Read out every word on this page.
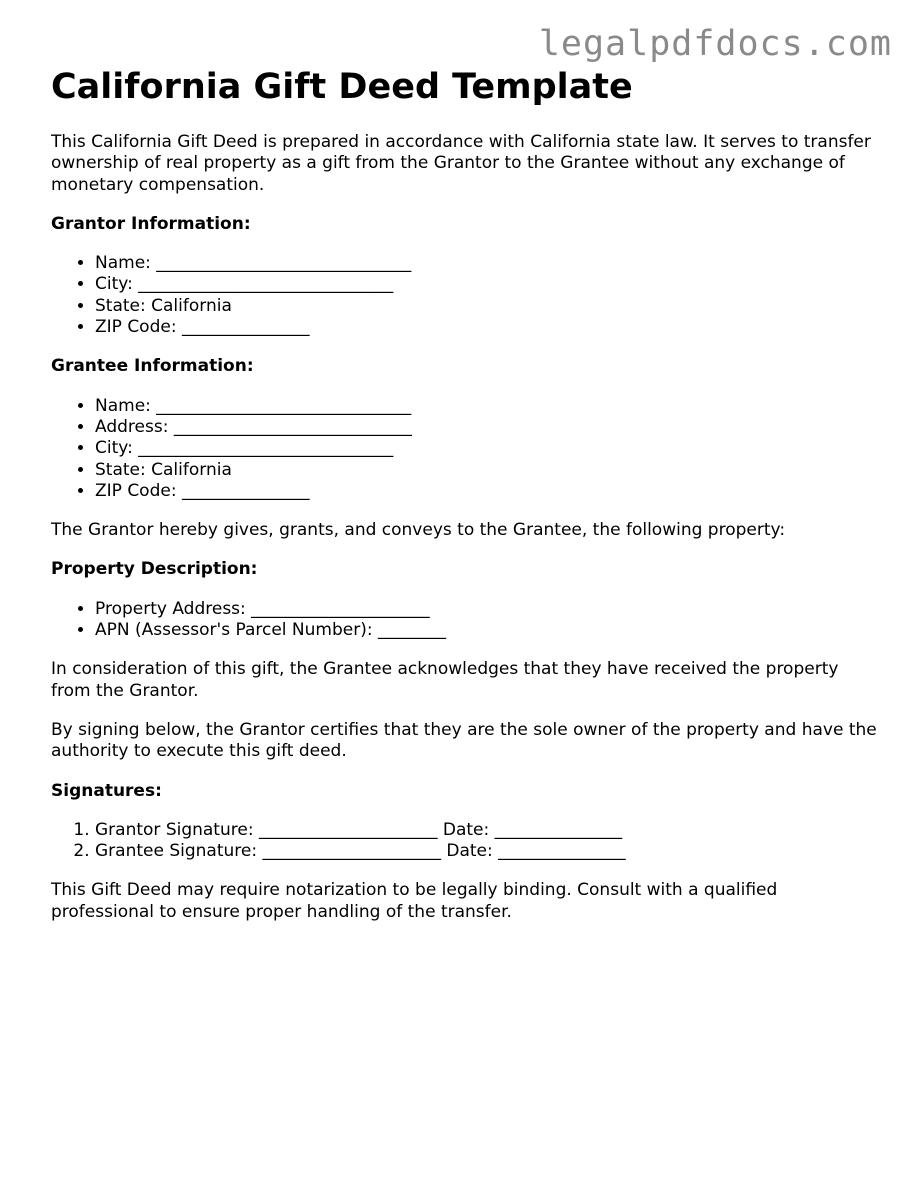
legalpdfdocs.com
California Gift Deed Template

This California Gift Deed is prepared in accordance with California state law. It serves to transfer ownership of real property as a gift from the Grantor to the Grantee without any exchange of monetary compensation.

Grantor Information:

• Name: ______________________________
• City: ______________________________
• State: California
• ZIP Code: _______________

Grantee Information:

• Name: ______________________________
• Address: ____________________________
• City: ______________________________
• State: California
• ZIP Code: _______________

The Grantor hereby gives, grants, and conveys to the Grantee, the following property:

Property Description:

• Property Address: _____________________
• APN (Assessor's Parcel Number): ________

In consideration of this gift, the Grantee acknowledges that they have received the property from the Grantor.

By signing below, the Grantor certifies that they are the sole owner of the property and have the authority to execute this gift deed.

Signatures:

1. Grantor Signature: _____________________ Date: _______________
2. Grantee Signature: _____________________ Date: _______________

This Gift Deed may require notarization to be legally binding. Consult with a qualified professional to ensure proper handling of the transfer.
